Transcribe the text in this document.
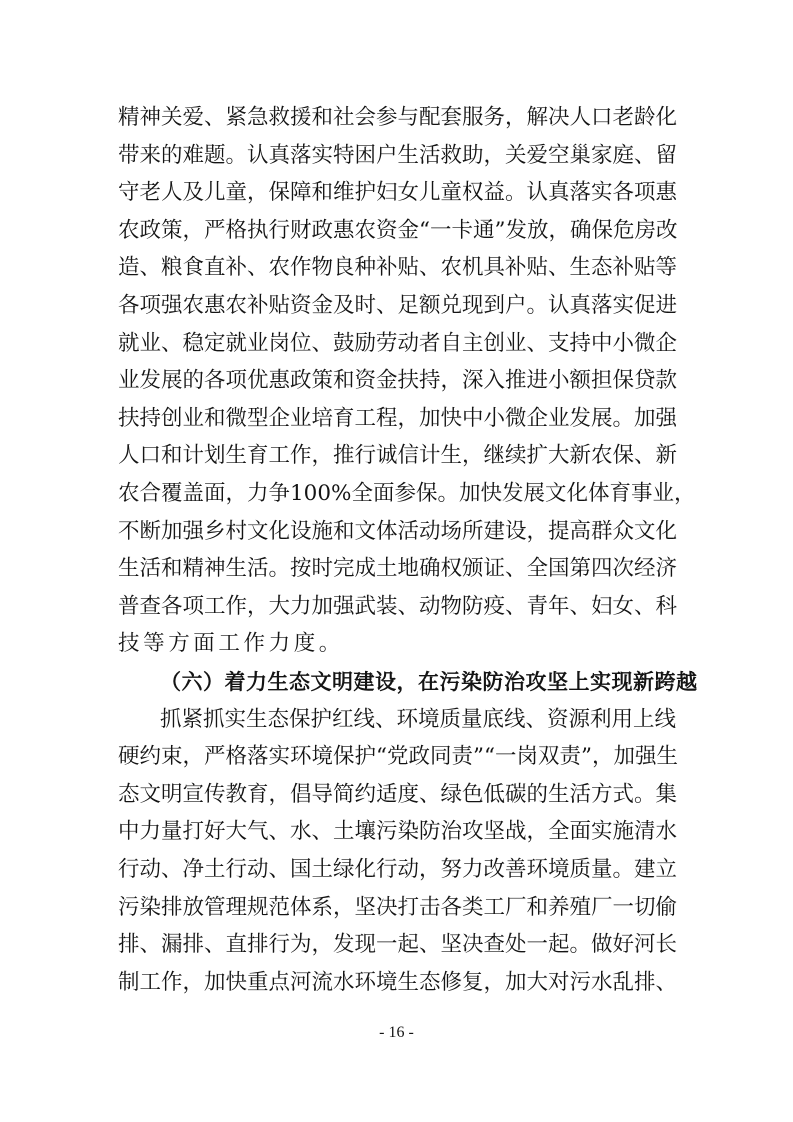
精神关爱、紧急救援和社会参与配套服务，解决人口老龄化
带来的难题。认真落实特困户生活救助，关爱空巢家庭、留
守老人及儿童，保障和维护妇女儿童权益。认真落实各项惠
农政策，严格执行财政惠农资金“一卡通”发放，确保危房改
造、粮食直补、农作物良种补贴、农机具补贴、生态补贴等
各项强农惠农补贴资金及时、足额兑现到户。认真落实促进
就业、稳定就业岗位、鼓励劳动者自主创业、支持中小微企
业发展的各项优惠政策和资金扶持，深入推进小额担保贷款
扶持创业和微型企业培育工程，加快中小微企业发展。加强
人口和计划生育工作，推行诚信计生，继续扩大新农保、新
农合覆盖面，力争100%全面参保。加快发展文化体育事业，
不断加强乡村文化设施和文体活动场所建设，提高群众文化
生活和精神生活。按时完成土地确权颁证、全国第四次经济
普查各项工作，大力加强武装、动物防疫、青年、妇女、科
技等方面工作力度。
（六）着力生态文明建设，在污染防治攻坚上实现新跨越
抓紧抓实生态保护红线、环境质量底线、资源利用上线
硬约束，严格落实环境保护“党政同责”“一岗双责”，加强生
态文明宣传教育，倡导简约适度、绿色低碳的生活方式。集
中力量打好大气、水、土壤污染防治攻坚战，全面实施清水
行动、净土行动、国土绿化行动，努力改善环境质量。建立
污染排放管理规范体系，坚决打击各类工厂和养殖厂一切偷
排、漏排、直排行为，发现一起、坚决查处一起。做好河长
制工作，加快重点河流水环境生态修复，加大对污水乱排、
- 16 -
